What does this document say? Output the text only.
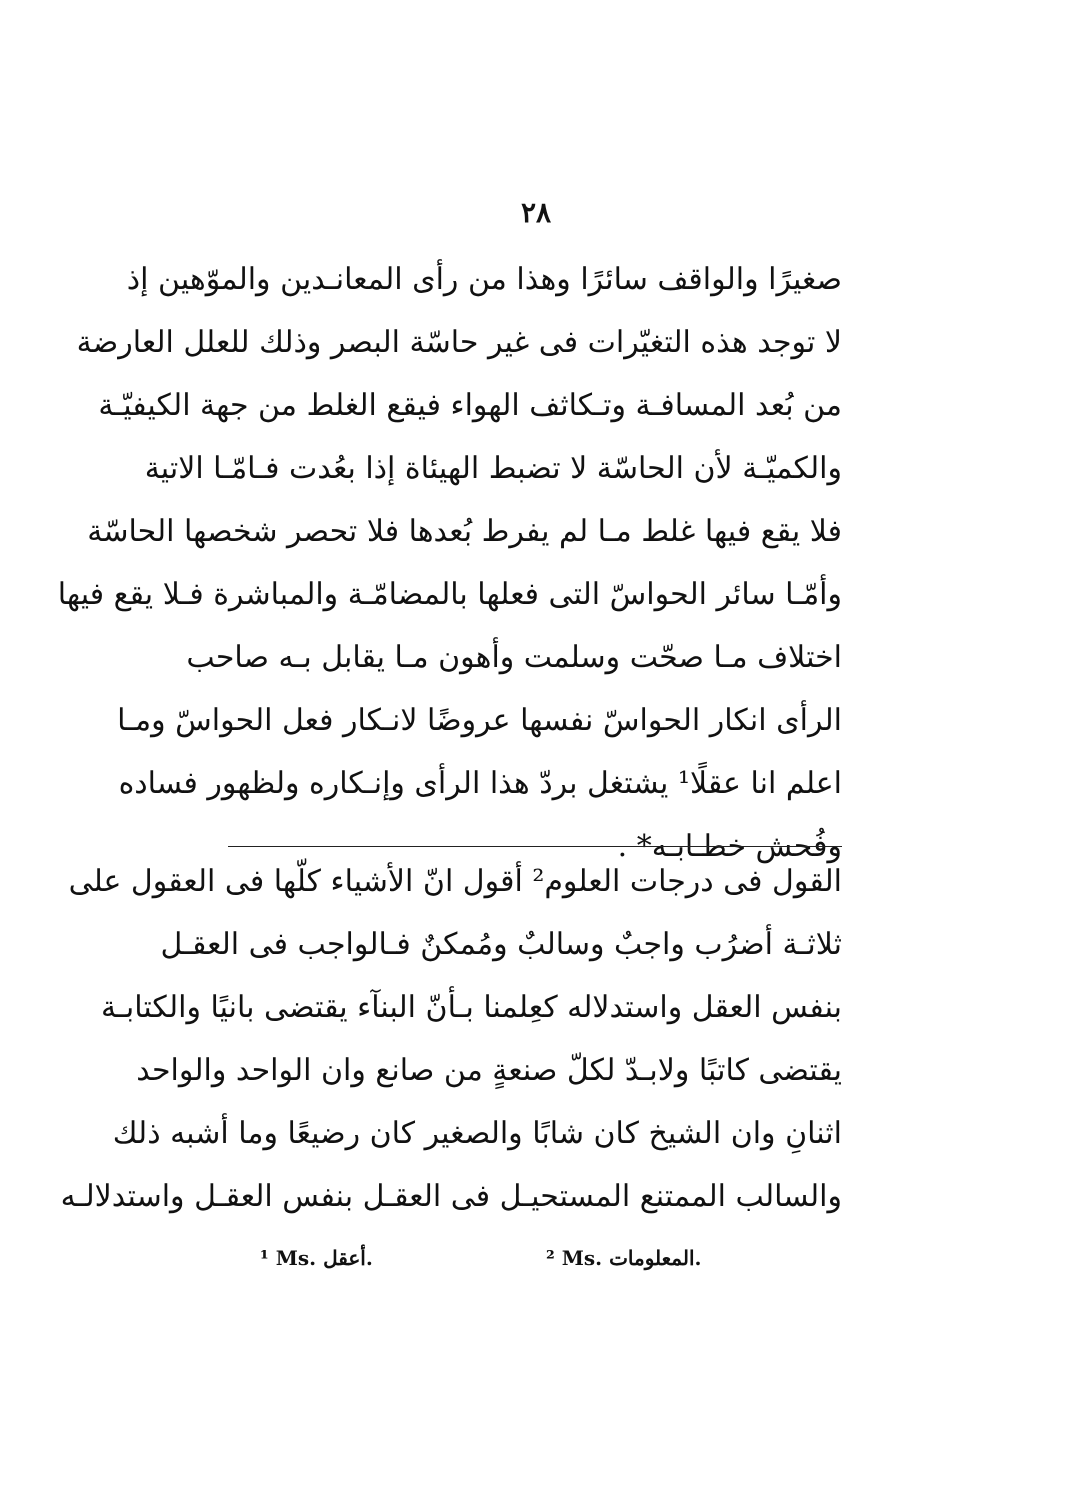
٢٨
صغيرًا والواقف سائرًا وهذا من رأى المعانـدين والموّهين إذ
لا توجد هذه التغيّرات فى غير حاسّة البصر وذلك للعلل العارضة
من بُعد المسافـة وتـكاثف الهواء فيقع الغلط من جهة الكيفيّـة
والكميّـة لأن الحاسّة لا تضبط الهيئاة إذا بعُدت فـامّـا الاتية
فلا يقع فيها غلط مـا لم يفرط بُعدها فلا تحصر شخصها الحاسّة
وأمّـا سائر الحواسّ التى فعلها بالمضامّـة والمباشرة فـلا يقع فيها
اختلاف مـا صحّت وسلمت وأهون مـا يقابل بـه صاحب
الرأى انكار الحواسّ نفسها عروضًا لانـكار فعل الحواسّ ومـا
اعلم انا عقلًا¹ يشتغل بردّ هذا الرأى وإنـكاره ولظهور فساده
وفُحش خطـابـه* .
القول فى درجات العلوم² أقول انّ الأشياء كلّها فى العقول على
ثلاثـة أضرُب واجبٌ وسالبٌ ومُمكنٌ فـالواجب فى العقـل
بنفس العقل واستدلاله كعِلمنا بـأنّ البنآء يقتضى بانيًا والكتابـة
يقتضى كاتبًا ولابـدّ لكلّ صنعةٍ من صانع وان الواحد والواحد
اثنانِ وان الشيخ كان شابًا والصغير كان رضيعًا وما أشبه ذلك
والسالب الممتنع المستحيـل فى العقـل بنفس العقـل واستدلالـه
¹ Ms. أعقل.	² Ms. المعلومات.
